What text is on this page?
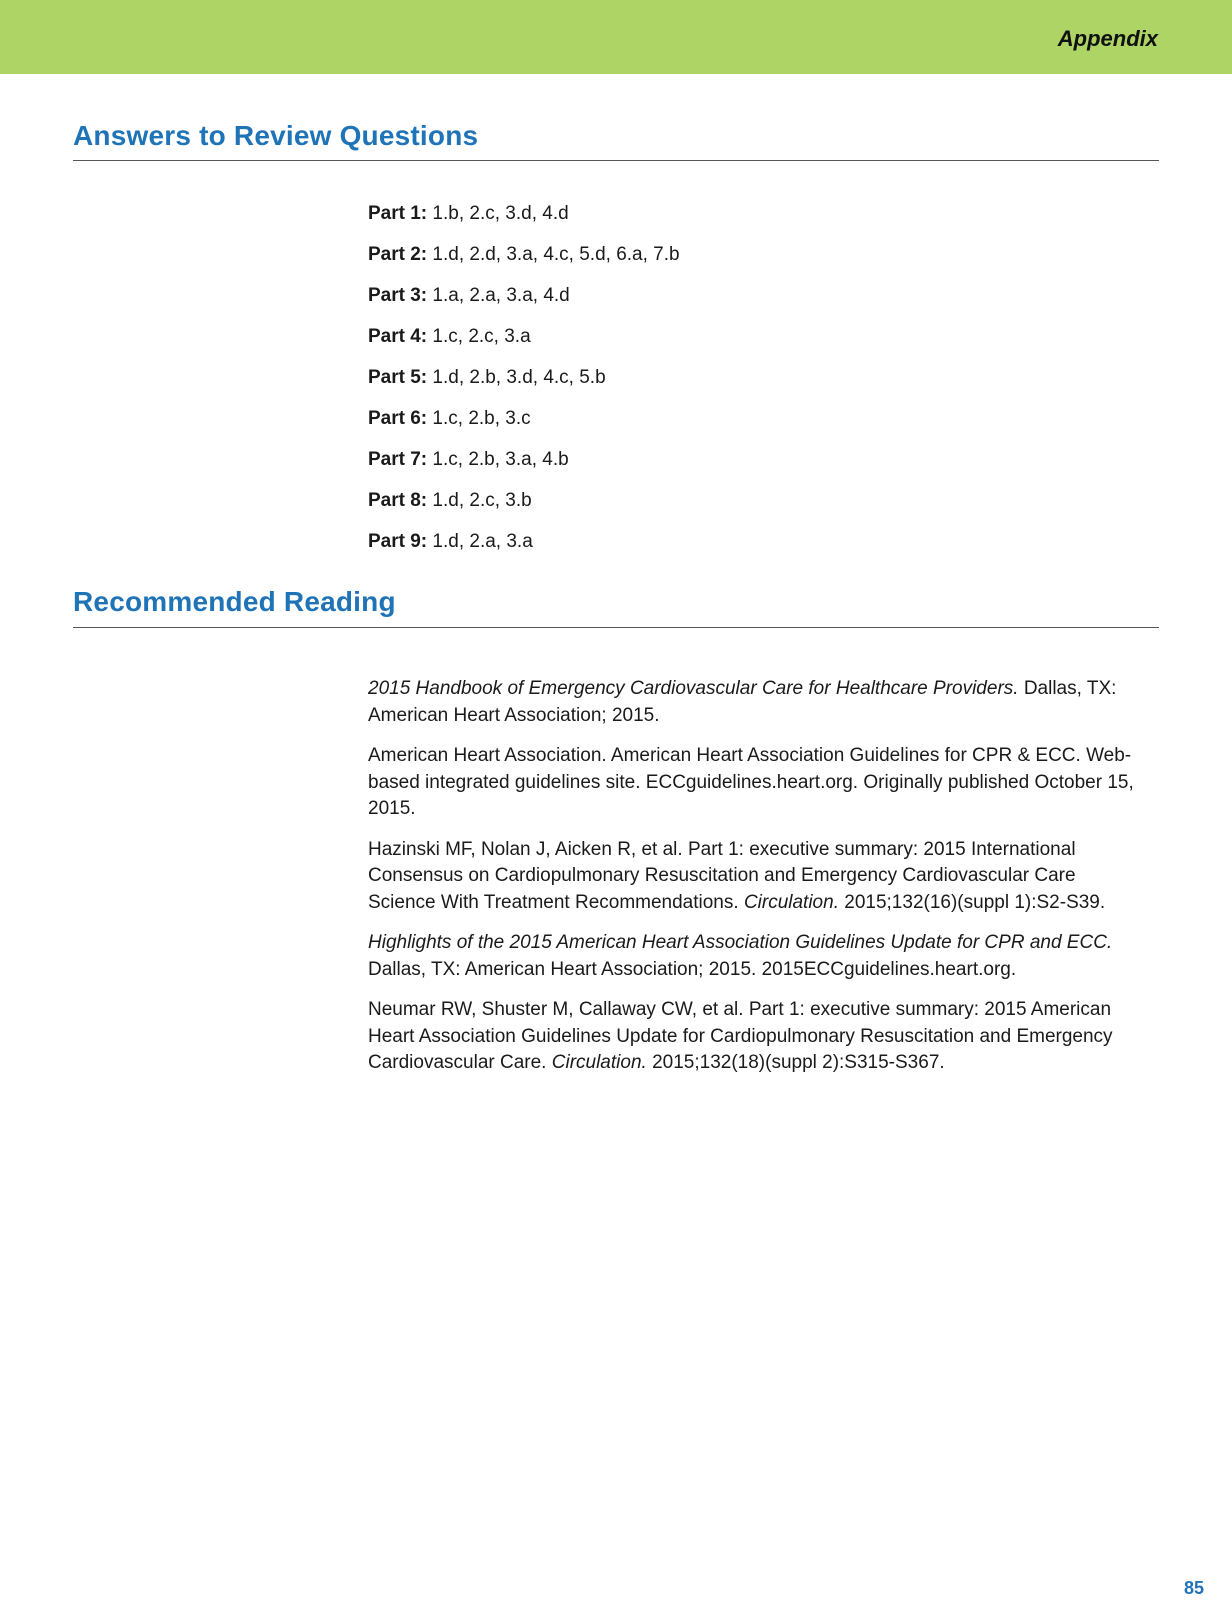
Appendix
Answers to Review Questions
Part 1: 1.b, 2.c, 3.d, 4.d
Part 2: 1.d, 2.d, 3.a, 4.c, 5.d, 6.a, 7.b
Part 3: 1.a, 2.a, 3.a, 4.d
Part 4: 1.c, 2.c, 3.a
Part 5: 1.d, 2.b, 3.d, 4.c, 5.b
Part 6: 1.c, 2.b, 3.c
Part 7: 1.c, 2.b, 3.a, 4.b
Part 8: 1.d, 2.c, 3.b
Part 9: 1.d, 2.a, 3.a
Recommended Reading

2015 Handbook of Emergency Cardiovascular Care for Healthcare Providers. Dallas, TX: American Heart Association; 2015.

American Heart Association. American Heart Association Guidelines for CPR & ECC. Web-based integrated guidelines site. ECCguidelines.heart.org. Originally published October 15, 2015.

Hazinski MF, Nolan J, Aicken R, et al. Part 1: executive summary: 2015 International Consensus on Cardiopulmonary Resuscitation and Emergency Cardiovascular Care Science With Treatment Recommendations. Circulation. 2015;132(16)(suppl 1):S2-S39.

Highlights of the 2015 American Heart Association Guidelines Update for CPR and ECC. Dallas, TX: American Heart Association; 2015. 2015ECCguidelines.heart.org.

Neumar RW, Shuster M, Callaway CW, et al. Part 1: executive summary: 2015 American Heart Association Guidelines Update for Cardiopulmonary Resuscitation and Emergency Cardiovascular Care. Circulation. 2015;132(18)(suppl 2):S315-S367.

85
